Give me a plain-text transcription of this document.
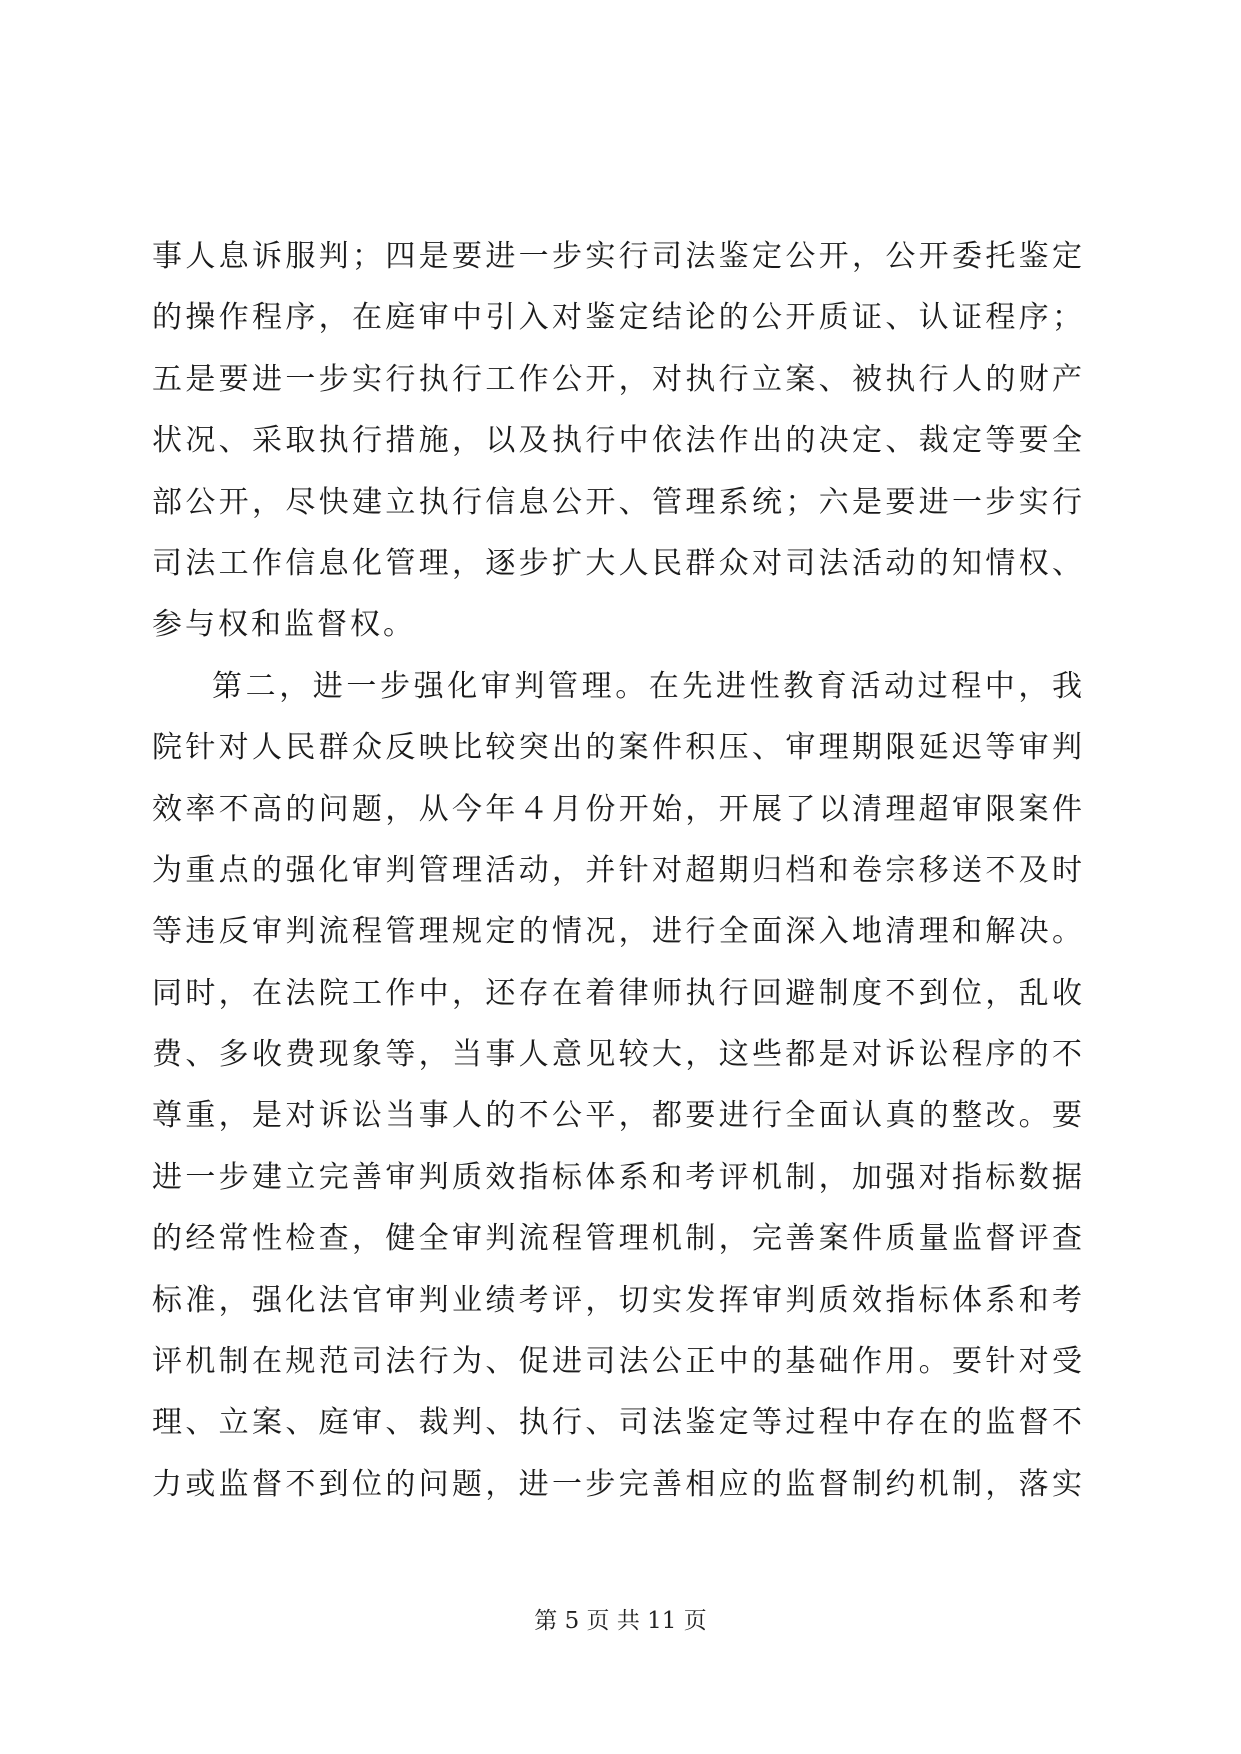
事人息诉服判；四是要进一步实行司法鉴定公开，公开委托鉴定
的操作程序，在庭审中引入对鉴定结论的公开质证、认证程序；
五是要进一步实行执行工作公开，对执行立案、被执行人的财产
状况、采取执行措施，以及执行中依法作出的决定、裁定等要全
部公开，尽快建立执行信息公开、管理系统；六是要进一步实行
司法工作信息化管理，逐步扩大人民群众对司法活动的知情权、
参与权和监督权。
第二，进一步强化审判管理。在先进性教育活动过程中，我
院针对人民群众反映比较突出的案件积压、审理期限延迟等审判
效率不高的问题，从今年４月份开始，开展了以清理超审限案件
为重点的强化审判管理活动，并针对超期归档和卷宗移送不及时
等违反审判流程管理规定的情况，进行全面深入地清理和解决。
同时，在法院工作中，还存在着律师执行回避制度不到位，乱收
费、多收费现象等，当事人意见较大，这些都是对诉讼程序的不
尊重，是对诉讼当事人的不公平，都要进行全面认真的整改。要
进一步建立完善审判质效指标体系和考评机制，加强对指标数据
的经常性检查，健全审判流程管理机制，完善案件质量监督评查
标准，强化法官审判业绩考评，切实发挥审判质效指标体系和考
评机制在规范司法行为、促进司法公正中的基础作用。要针对受
理、立案、庭审、裁判、执行、司法鉴定等过程中存在的监督不
力或监督不到位的问题，进一步完善相应的监督制约机制，落实
第 5 页 共 11 页
